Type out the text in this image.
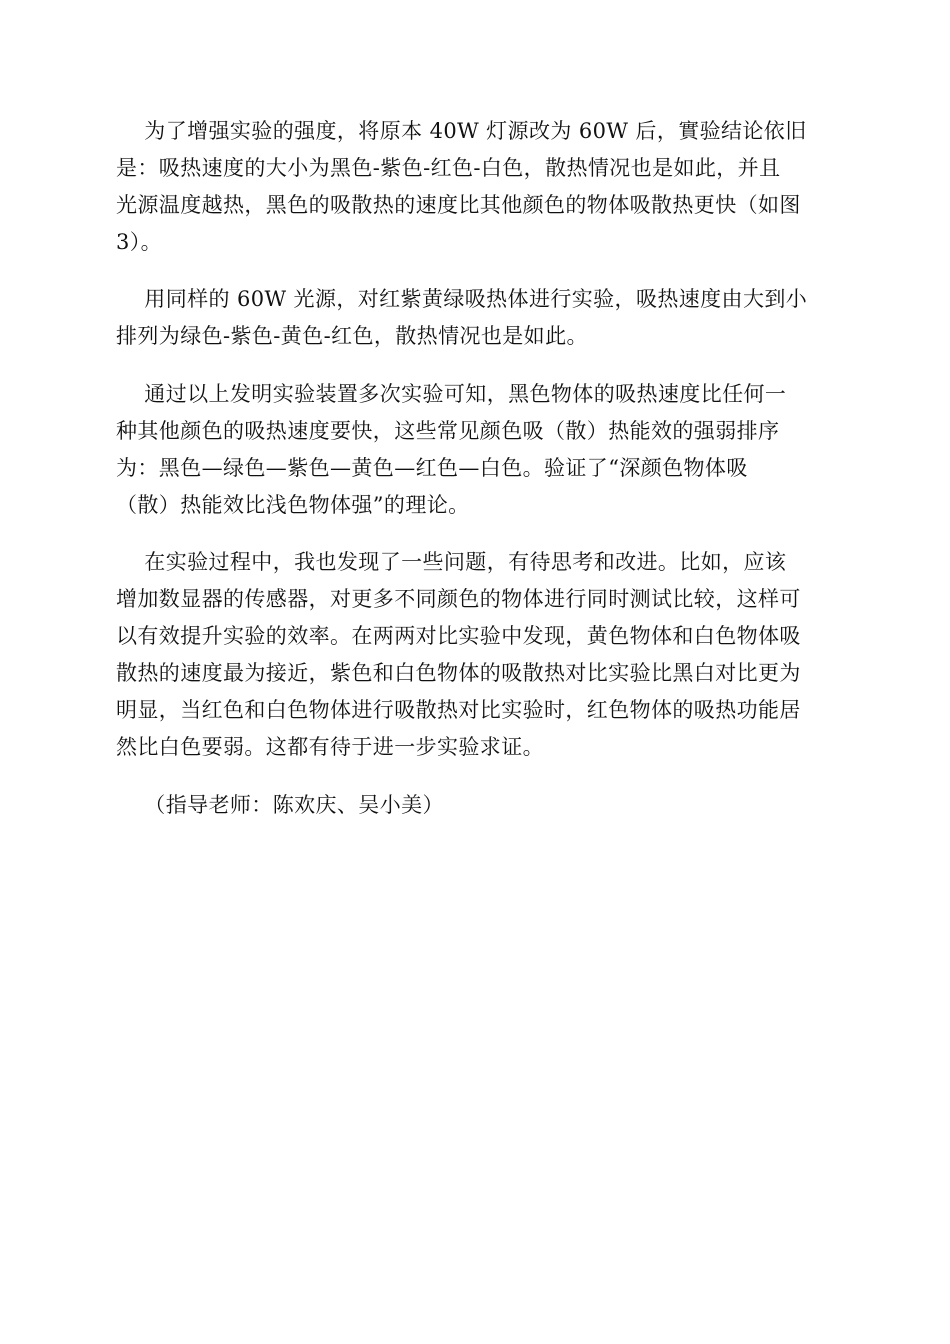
为了增强实验的强度，将原本 40W 灯源改为 60W 后，實验结论依旧
是：吸热速度的大小为黑色-紫色-红色-白色，散热情况也是如此，并且
光源温度越热，黑色的吸散热的速度比其他颜色的物体吸散热更快（如图
3）。
用同样的 60W 光源，对红紫黄绿吸热体进行实验，吸热速度由大到小
排列为绿色-紫色-黄色-红色，散热情况也是如此。
通过以上发明实验装置多次实验可知，黑色物体的吸热速度比任何一
种其他颜色的吸热速度要快，这些常见颜色吸（散）热能效的强弱排序
为：黑色—绿色—紫色—黄色—红色—白色。验证了“深颜色物体吸
（散）热能效比浅色物体强”的理论。
在实验过程中，我也发现了一些问题，有待思考和改进。比如，应该
增加数显器的传感器，对更多不同颜色的物体进行同时测试比较，这样可
以有效提升实验的效率。在两两对比实验中发现，黄色物体和白色物体吸
散热的速度最为接近，紫色和白色物体的吸散热对比实验比黑白对比更为
明显，当红色和白色物体进行吸散热对比实验时，红色物体的吸热功能居
然比白色要弱。这都有待于进一步实验求证。
（指导老师：陈欢庆、吴小美）
